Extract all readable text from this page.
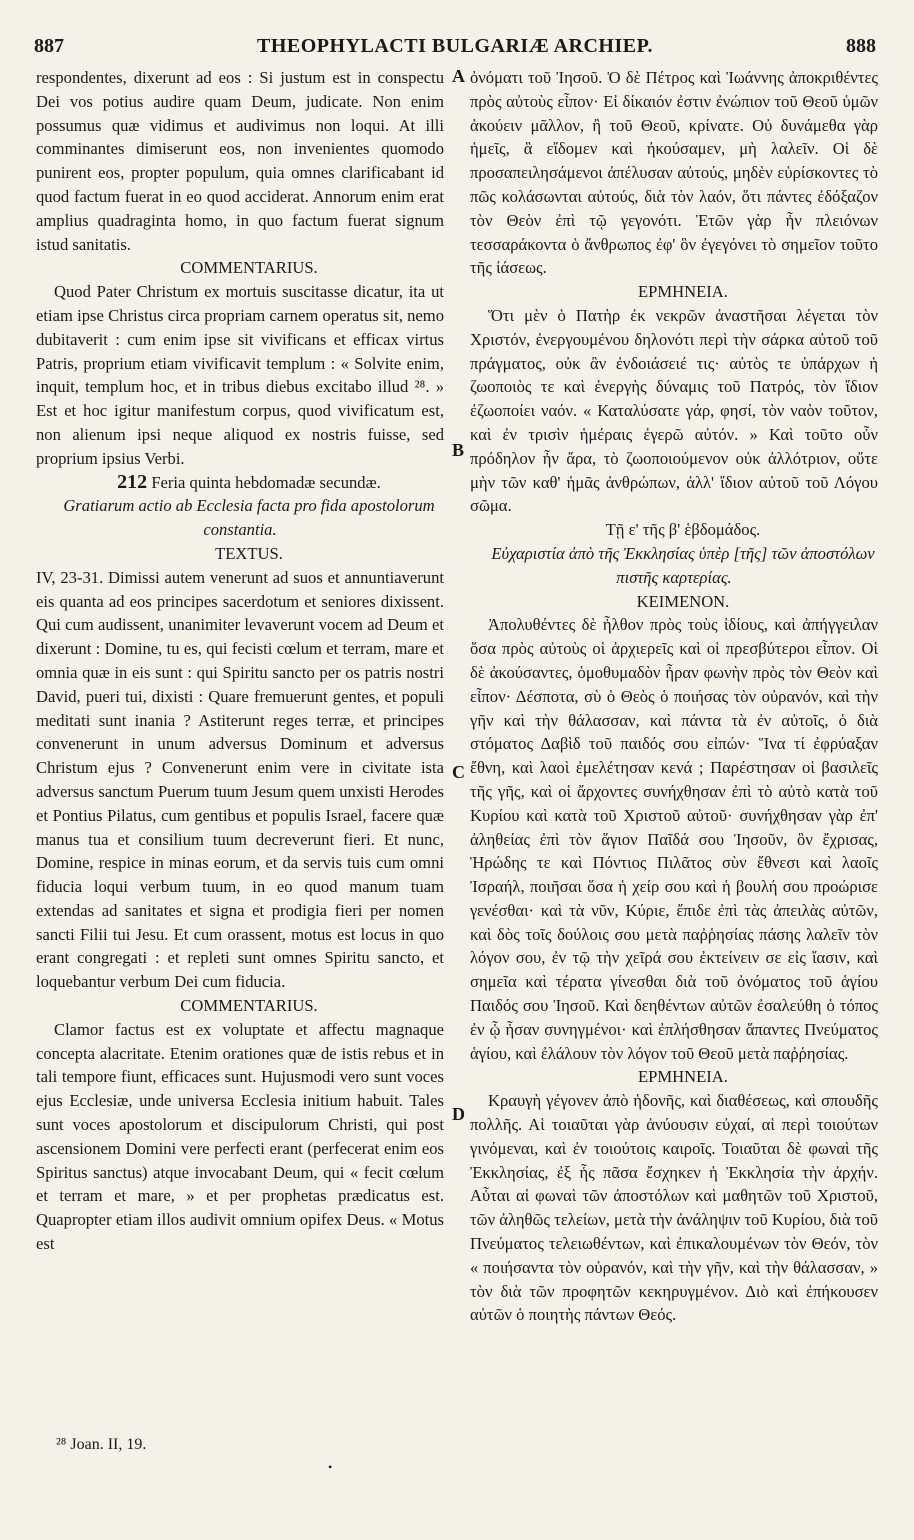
887	THEOPHYLACTI BULGARIÆ ARCHIEP.	888

respondentes, dixerunt ad eos : Si justum est in conspectu Dei vos potius audire quam Deum, judicate. Non enim possumus quæ vidimus et audivimus non loqui. At illi comminantes dimiserunt eos, non invenientes quomodo punirent eos, propter populum, quia omnes clarificabant id quod factum fuerat in eo quod acciderat. Annorum enim erat amplius quadraginta homo, in quo factum fuerat signum istud sanitatis.

COMMENTARIUS.

Quod Pater Christum ex mortuis suscitasse dicatur, ita ut etiam ipse Christus circa propriam carnem operatus sit, nemo dubitaverit : cum enim ipse sit vivificans et efficax virtus Patris, proprium etiam vivificavit templum : « Solvite enim, inquit, templum hoc, et in tribus diebus excitabo illud ²⁸. » Est et hoc igitur manifestum corpus, quod vivificatum est, non alienum ipsi neque aliquod ex nostris fuisse, sed proprium ipsius Verbi.

212 Feria quinta hebdomadæ secundæ.

Gratiarum actio ab Ecclesia facta pro fida apostolorum constantia.

TEXTUS.

IV, 23-31. Dimissi autem venerunt ad suos et annuntiaverunt eis quanta ad eos principes sacerdotum et seniores dixissent. Qui cum audissent, unanimiter levaverunt vocem ad Deum et dixerunt : Domine, tu es, qui fecisti cœlum et terram, mare et omnia quæ in eis sunt : qui Spiritu sancto per os patris nostri David, pueri tui, dixisti : Quare fremuerunt gentes, et populi meditati sunt inania ? Astiterunt reges terræ, et principes convenerunt in unum adversus Dominum et adversus Christum ejus ? Convenerunt enim vere in civitate ista adversus sanctum Puerum tuum Jesum quem unxisti Herodes et Pontius Pilatus, cum gentibus et populis Israel, facere quæ manus tua et consilium tuum decreverunt fieri. Et nunc, Domine, respice in minas eorum, et da servis tuis cum omni fiducia loqui verbum tuum, in eo quod manum tuam extendas ad sanitates et signa et prodigia fieri per nomen sancti Filii tui Jesu. Et cum orassent, motus est locus in quo erant congregati : et repleti sunt omnes Spiritu sancto, et loquebantur verbum Dei cum fiducia.

COMMENTARIUS.

Clamor factus est ex voluptate et affectu magnaque concepta alacritate. Etenim orationes quæ de istis rebus et in tali tempore fiunt, efficaces sunt. Hujusmodi vero sunt voces ejus Ecclesiæ, unde universa Ecclesia initium habuit. Tales sunt voces apostolorum et discipulorum Christi, qui post ascensionem Domini vere perfecti erant (perfecerat enim eos Spiritus sanctus) atque invocabant Deum, qui « fecit cœlum et terram et mare, » et per prophetas prædicatus est. Quapropter etiam illos audivit omnium opifex Deus. « Motus est

ὀνόματι τοῦ Ἰησοῦ. Ὁ δὲ Πέτρος καὶ Ἰωάννης ἀποκριθέντες πρὸς αὐτοὺς εἶπον· Εἰ δίκαιόν ἐστιν ἐνώπιον τοῦ Θεοῦ ὑμῶν ἀκούειν μᾶλλον, ἢ τοῦ Θεοῦ, κρίνατε. Οὐ δυνάμεθα γὰρ ἡμεῖς, ἃ εἴδομεν καὶ ἠκούσαμεν, μὴ λαλεῖν. Οἱ δὲ προσαπειλησάμενοι ἀπέλυσαν αὐτούς, μηδὲν εὑρίσκοντες τὸ πῶς κολάσωνται αὐτούς, διὰ τὸν λαόν, ὅτι πάντες ἐδόξαζον τὸν Θεὸν ἐπὶ τῷ γεγονότι. Ἐτῶν γὰρ ἦν πλειόνων τεσσαράκοντα ὁ ἄνθρωπος ἐφ' ὃν ἐγεγόνει τὸ σημεῖον τοῦτο τῆς ἰάσεως.

ΕΡΜΗΝΕΙΑ.

Ὅτι μὲν ὁ Πατὴρ ἐκ νεκρῶν ἀναστῆσαι λέγεται τὸν Χριστόν, ἐνεργουμένου δηλονότι περὶ τὴν σάρκα αὐτοῦ τοῦ πράγματος, οὐκ ἂν ἐνδοιάσειέ τις· αὐτὸς τε ὑπάρχων ἡ ζωοποιὸς τε καὶ ἐνεργὴς δύναμις τοῦ Πατρός, τὸν ἴδιον ἐζωοποίει ναόν. « Καταλύσατε γάρ, φησί, τὸν ναὸν τοῦτον, καὶ ἐν τρισὶν ἡμέραις ἐγερῶ αὐτόν. » Καὶ τοῦτο οὖν πρόδηλον ἦν ἄρα, τὸ ζωοποιούμενον οὐκ ἀλλότριον, οὔτε μὴν τῶν καθ' ἡμᾶς ἀνθρώπων, ἀλλ' ἴδιον αὐτοῦ τοῦ Λόγου σῶμα.

Τῇ ε' τῆς β' ἑβδομάδος.

Εὐχαριστία ἀπὸ τῆς Ἐκκλησίας ὑπὲρ [τῆς] τῶν ἀποστόλων πιστῆς καρτερίας.

ΚΕΙΜΕΝΟΝ.

Ἀπολυθέντες δὲ ἦλθον πρὸς τοὺς ἰδίους, καὶ ἀπήγγειλαν ὅσα πρὸς αὐτοὺς οἱ ἀρχιερεῖς καὶ οἱ πρεσβύτεροι εἶπον. Οἱ δὲ ἀκούσαντες, ὁμοθυμαδὸν ἦραν φωνὴν πρὸς τὸν Θεὸν καὶ εἶπον· Δέσποτα, σὺ ὁ Θεὸς ὁ ποιήσας τὸν οὐρανόν, καὶ τὴν γῆν καὶ τὴν θάλασσαν, καὶ πάντα τὰ ἐν αὐτοῖς, ὁ διὰ στόματος Δαβὶδ τοῦ παιδός σου εἰπών· Ἵνα τί ἐφρύαξαν ἔθνη, καὶ λαοὶ ἐμελέτησαν κενά ; Παρέστησαν οἱ βασιλεῖς τῆς γῆς, καὶ οἱ ἄρχοντες συνήχθησαν ἐπὶ τὸ αὐτὸ κατὰ τοῦ Κυρίου καὶ κατὰ τοῦ Χριστοῦ αὐτοῦ· συνήχθησαν γὰρ ἐπ' ἀληθείας ἐπὶ τὸν ἅγιον Παῖδά σου Ἰησοῦν, ὃν ἔχρισας, Ἡρώδης τε καὶ Πόντιος Πιλᾶτος σὺν ἔθνεσι καὶ λαοῖς Ἰσραήλ, ποιῆσαι ὅσα ἡ χείρ σου καὶ ἡ βουλή σου προώρισε γενέσθαι· καὶ τὰ νῦν, Κύριε, ἔπιδε ἐπὶ τὰς ἀπειλὰς αὐτῶν, καὶ δὸς τοῖς δούλοις σου μετὰ παῤῥησίας πάσης λαλεῖν τὸν λόγον σου, ἐν τῷ τὴν χεῖρά σου ἐκτείνειν σε εἰς ἴασιν, καὶ σημεῖα καὶ τέρατα γίνεσθαι διὰ τοῦ ὀνόματος τοῦ ἁγίου Παιδός σου Ἰησοῦ. Καὶ δεηθέντων αὐτῶν ἐσαλεύθη ὁ τόπος ἐν ᾧ ἦσαν συνηγμένοι· καὶ ἐπλήσθησαν ἅπαντες Πνεύματος ἁγίου, καὶ ἐλάλουν τὸν λόγον τοῦ Θεοῦ μετὰ παῤῥησίας.

ΕΡΜΗΝΕΙΑ.

Κραυγὴ γέγονεν ἀπὸ ἡδονῆς, καὶ διαθέσεως, καὶ σπουδῆς πολλῆς. Αἱ τοιαῦται γὰρ ἀνύουσιν εὐχαί, αἱ περὶ τοιούτων γινόμεναι, καὶ ἐν τοιούτοις καιροῖς. Τοιαῦται δὲ φωναὶ τῆς Ἐκκλησίας, ἐξ ἧς πᾶσα ἔσχηκεν ἡ Ἐκκλησία τὴν ἀρχήν. Αὗται αἱ φωναὶ τῶν ἀποστόλων καὶ μαθητῶν τοῦ Χριστοῦ, τῶν ἀληθῶς τελείων, μετὰ τὴν ἀνάληψιν τοῦ Κυρίου, διὰ τοῦ Πνεύματος τελειωθέντων, καὶ ἐπικαλουμένων τὸν Θεόν, τὸν « ποιήσαντα τὸν οὐρανόν, καὶ τὴν γῆν, καὶ τὴν θάλασσαν, » τὸν διὰ τῶν προφητῶν κεκηρυγμένον. Διὸ καὶ ἐπήκουσεν αὐτῶν ὁ ποιητὴς πάντων Θεός.

A
B
C
D
²⁸ Joan. II, 19.
•
